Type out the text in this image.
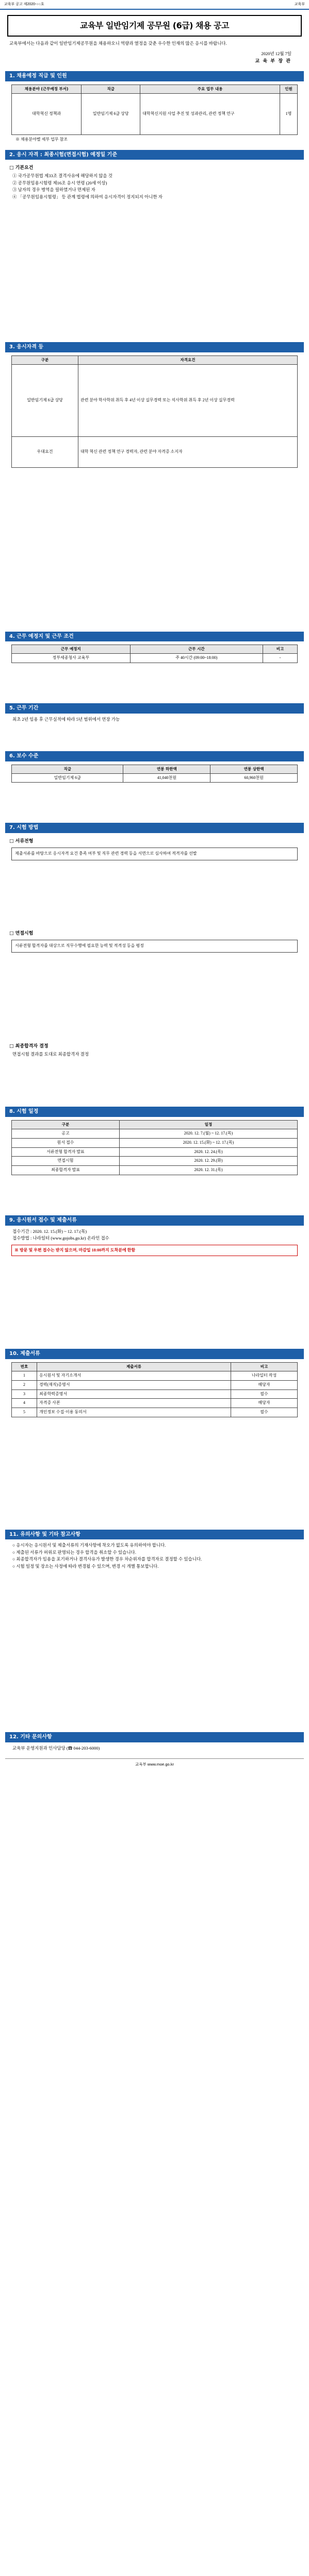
교육부 공고 제2020-○○호	교육부
교육부 일반임기제 공무원 (6급) 채용 공고
교육부에서는 다음과 같이 일반임기제공무원을 채용하오니 역량과 열정을 갖춘 우수한 인재의 많은 응시를 바랍니다.
2020년 12월 7일
교 육 부 장 관
1. 채용예정 직급 및 인원
채용분야 (근무예정 부서)	직급	주요 업무 내용	인원
대학혁신 정책과	일반임기제 6급 상당	대학혁신지원 사업 추진 및 성과관리, 관련 정책 연구	1명

※ 채용분야별 세부 업무 참조

2. 응시 자격 : 최종시험(면접시험) 예정일 기준
□ 기본요건

① 국가공무원법 제33조 결격사유에 해당하지 않을 것

② 공무원임용시험령 제16조 응시 연령 (20세 이상)

③ 남자의 경우 병역을 필하였거나 면제된 자

④ 「공무원임용시험령」 등 관계 법령에 의하여 응시자격이 정지되지 아니한 자

3. 응시자격 등
구분	자격요건
일반임기제 6급 상당	관련 분야 학사학위 취득 후 4년 이상 실무경력 또는 석사학위 취득 후 2년 이상 실무경력
우대요건	대학 혁신 관련 정책 연구 경력자, 관련 분야 자격증 소지자
4. 근무 예정지 및 근무 조건
근무 예정지	근무 시간	비고
정부세종청사 교육부	주 40시간 (09:00~18:00)	-
5. 근무 기간

최초 2년 임용 후 근무실적에 따라 5년 범위에서 연장 가능

6. 보수 수준
직급	연봉 하한액	연봉 상한액
일반임기제 6급	41,040천원	60,960천원
7. 시험 방법
□ 서류전형
제출서류를 바탕으로 응시자격 요건 충족 여부 및 직무 관련 경력 등을 서면으로 심사하여 적격자를 선발
□ 면접시험
서류전형 합격자를 대상으로 직무수행에 필요한 능력 및 적격성 등을 평정
□ 최종합격자 결정

면접시험 결과를 토대로 최종합격자 결정

8. 시험 일정
구분	일정
공고	2020. 12. 7.(월) ~ 12. 17.(목)
원서 접수	2020. 12. 15.(화) ~ 12. 17.(목)
서류전형 합격자 발표	2020. 12. 24.(목)
면접시험	2020. 12. 29.(화)
최종합격자 발표	2020. 12. 31.(목)
9. 응시원서 접수 및 제출서류

접수기간 : 2020. 12. 15.(화) ~ 12. 17.(목)

접수방법 : 나라일터 (www.gojobs.go.kr) 온라인 접수

※ 방문 및 우편 접수는 받지 않으며, 마감일 18:00까지 도착분에 한함
10. 제출서류
번호	제출서류	비고
1	응시원서 및 자기소개서	나라일터 작성
2	경력(재직)증명서	해당자
3	최종학력증명서	필수
4	자격증 사본	해당자
5	개인정보 수집·이용 동의서	필수
11. 유의사항 및 기타 참고사항

○ 응시자는 응시원서 및 제출서류의 기재사항에 착오가 없도록 유의하여야 합니다.

○ 제출된 서류가 허위로 판명되는 경우 합격을 취소할 수 있습니다.

○ 최종합격자가 임용을 포기하거나 결격사유가 발생한 경우 차순위자를 합격자로 결정할 수 있습니다.

○ 시험 일정 및 장소는 사정에 따라 변경될 수 있으며, 변경 시 개별 통보합니다.

12. 기타 문의사항

교육부 운영지원과 인사담당 (☎ 044-203-6000)

교육부 www.moe.go.kr
